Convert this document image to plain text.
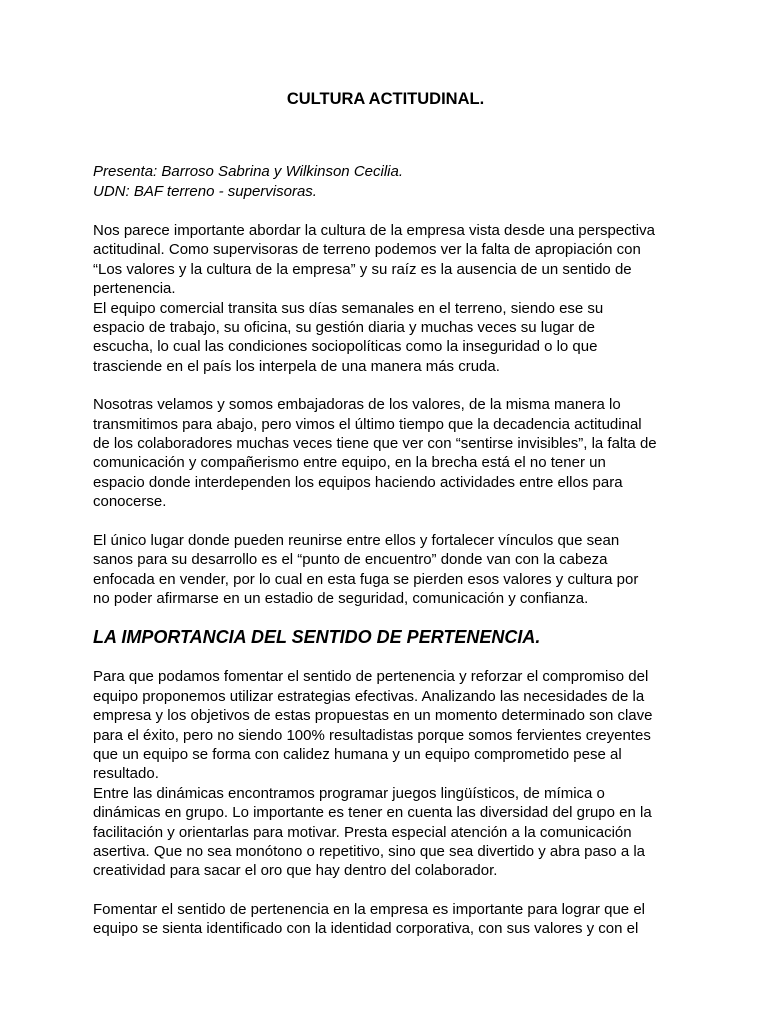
CULTURA ACTITUDINAL.
Presenta: Barroso Sabrina y Wilkinson Cecilia.
UDN: BAF terreno - supervisoras.

Nos parece importante abordar la cultura de la empresa vista desde una perspectiva
actitudinal. Como supervisoras de terreno podemos ver la falta de apropiación con
“Los valores y la cultura de la empresa” y su raíz es la ausencia de un sentido de
pertenencia.

El equipo comercial transita sus días semanales en el terreno, siendo ese su
espacio de trabajo, su oficina, su gestión diaria y muchas veces su lugar de
escucha, lo cual las condiciones sociopolíticas como la inseguridad o lo que
trasciende en el país los interpela de una manera más cruda.

Nosotras velamos y somos embajadoras de los valores, de la misma manera lo
transmitimos para abajo, pero vimos el último tiempo que la decadencia actitudinal
de los colaboradores muchas veces tiene que ver con “sentirse invisibles”, la falta de
comunicación y compañerismo entre equipo, en la brecha está el no tener un
espacio donde interdependen los equipos haciendo actividades entre ellos para
conocerse.

El único lugar donde pueden reunirse entre ellos y fortalecer vínculos que sean
sanos para su desarrollo es el “punto de encuentro” donde van con la cabeza
enfocada en vender, por lo cual en esta fuga se pierden esos valores y cultura por
no poder afirmarse en un estadio de seguridad, comunicación y confianza.

LA IMPORTANCIA DEL SENTIDO DE PERTENENCIA.

Para que podamos fomentar el sentido de pertenencia y reforzar el compromiso del
equipo proponemos utilizar estrategias efectivas. Analizando las necesidades de la
empresa y los objetivos de estas propuestas en un momento determinado son clave
para el éxito, pero no siendo 100% resultadistas porque somos fervientes creyentes
que un equipo se forma con calidez humana y un equipo comprometido pese al
resultado.

Entre las dinámicas encontramos programar juegos lingüísticos, de mímica o
dinámicas en grupo. Lo importante es tener en cuenta las diversidad del grupo en la
facilitación y orientarlas para motivar. Presta especial atención a la comunicación
asertiva. Que no sea monótono o repetitivo, sino que sea divertido y abra paso a la
creatividad para sacar el oro que hay dentro del colaborador.

Fomentar el sentido de pertenencia en la empresa es importante para lograr que el
equipo se sienta identificado con la identidad corporativa, con sus valores y con el
